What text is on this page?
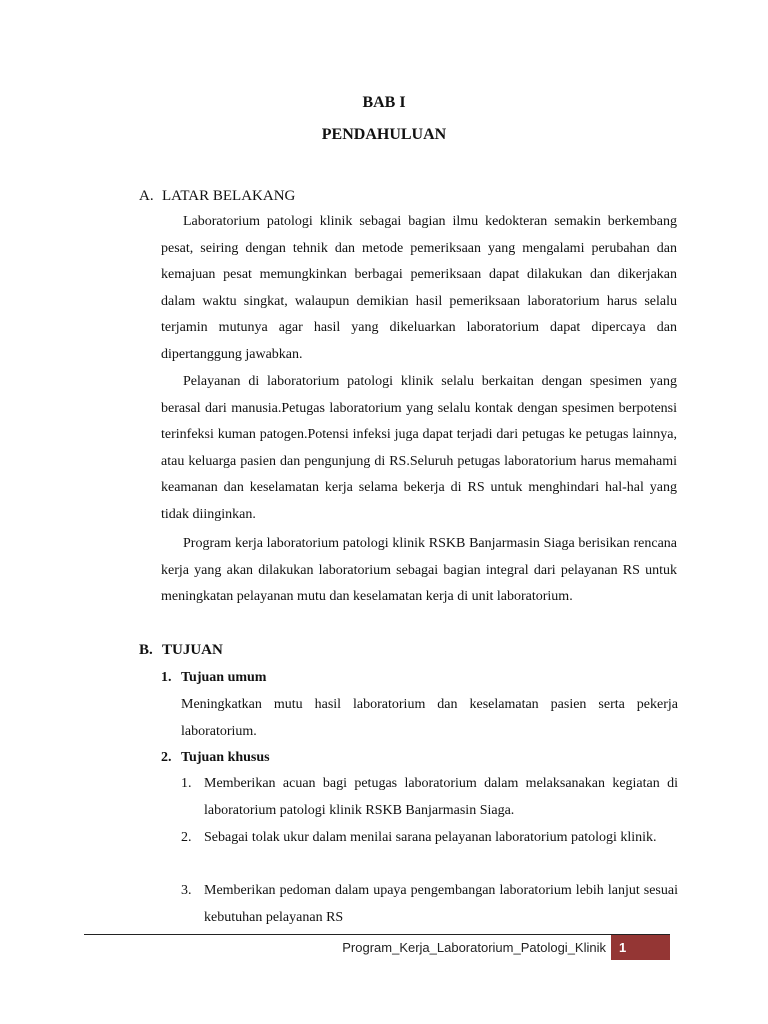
BAB I
PENDAHULUAN
A. LATAR BELAKANG

Laboratorium patologi klinik sebagai bagian ilmu kedokteran semakin berkembang pesat, seiring dengan tehnik dan metode pemeriksaan yang mengalami perubahan dan kemajuan pesat memungkinkan berbagai pemeriksaan dapat dilakukan dan dikerjakan dalam waktu singkat, walaupun demikian hasil pemeriksaan laboratorium harus selalu terjamin mutunya agar hasil yang dikeluarkan laboratorium dapat dipercaya dan dipertanggung jawabkan.

Pelayanan di laboratorium patologi klinik selalu berkaitan dengan spesimen yang berasal dari manusia.Petugas laboratorium yang selalu kontak dengan spesimen berpotensi terinfeksi kuman patogen.Potensi infeksi juga dapat terjadi dari petugas ke petugas lainnya, atau keluarga pasien dan pengunjung di RS.Seluruh petugas laboratorium harus memahami keamanan dan keselamatan kerja selama bekerja di RS untuk menghindari hal-hal yang tidak diinginkan.

Program kerja laboratorium patologi klinik RSKB Banjarmasin Siaga berisikan rencana kerja yang akan dilakukan laboratorium sebagai bagian integral dari pelayanan RS untuk meningkatan pelayanan mutu dan keselamatan kerja di unit laboratorium.

B. TUJUAN
1. Tujuan umum

Meningkatkan mutu hasil laboratorium dan keselamatan pasien serta pekerja laboratorium.

2. Tujuan khusus
1. Memberikan acuan bagi petugas laboratorium dalam melaksanakan kegiatan di laboratorium patologi klinik RSKB Banjarmasin Siaga.
2. Sebagai tolak ukur dalam menilai sarana pelayanan laboratorium patologi klinik.
3. Memberikan pedoman dalam upaya pengembangan laboratorium lebih lanjut sesuai kebutuhan pelayanan RS
Program_Kerja_Laboratorium_Patologi_Klinik	1
